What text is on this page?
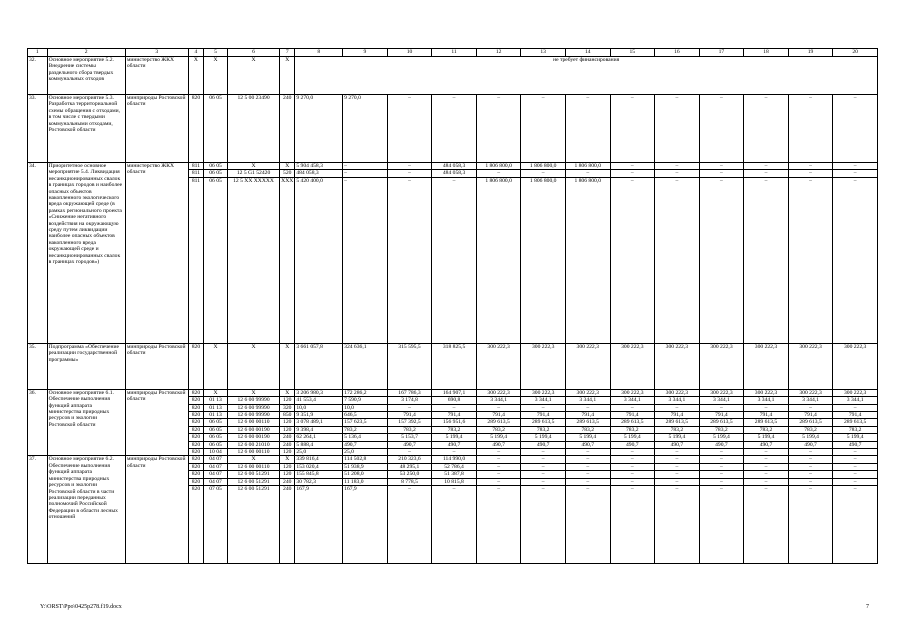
1	2	3	4	5	6	7	8	9	10	11	12	13	14	15	16	17	18	19	20
32.	Основное мероприятие 5.2. Внедрение системы раздельного сбора твердых коммунальных отходов	министерство ЖКХ области	Х	Х	Х	Х	не требует финансирования												
33.	Основное мероприятие 5.3. Разработка территориальной схемы обращения с отходами, в том числе с твердыми коммунальными отходами, Ростовской области	минприроды Ростовской области	820	06 05	12 5 00 23490	240	9 270,0	9 270,0	–	–	–	–	–	–	–	–	–	–	–
34.	Приоритетное основное мероприятие 5.4. Ликвидация несанкционированных свалок в границах городов и наиболее опасных объектов накопленного экологического вреда окружающей среде (в рамках регионального проекта «Снижение негативного воздействия на окружающую среду путем ликвидации наиболее опасных объектов накопленного вреда окружающей среде и несанкционированных свалок в границах городов»)	министерство ЖКХ области	811	06 05	Х	Х	5 904 458,3	–	–	484 058,3	1 806 800,0	1 806 800,0	1 806 800,0	–	–	–	–	–	–
			811	06 05	12 5 G1 52420	520	484 058,3	–	–	484 058,3	–	–	–	–	–	–	–	–	–
			811	06 05	12 5 ХХ ХХХХХ	ХХХ	5 420 400,0	–	–	–	1 806 800,0	1 806 800,0	1 806 800,0	–	–	–	–	–	–
35.	Подпрограмма «Обеспечение реализации государственной программы»	минприроды Ростовской области	820	Х	Х	Х	3 661 057,8	324 636,1	315 595,5	318 825,5	300 222,3	300 222,3	300 222,3	300 222,3	300 222,3	300 222,3	300 222,3	300 222,3	300 222,3
36.	Основное мероприятие 6.1. Обеспечение выполнения функций аппарата министерства природных ресурсов и экологии Ростовской области	минприроды Ростовской области	820	Х	Х	Х	3 206 980,3	172 286,2	167 786,3	164 907,1	300 222,3	300 222,3	300 222,3	300 222,3	300 222,3	300 222,3	300 222,3	300 222,3	300 222,3
			820	01 13	12 6 00 99990	120	41 553,4	7 590,9	3 174,8	690,8	3 344,1	3 344,1	3 344,1	3 344,1	3 344,1	3 344,1	3 344,1	3 344,1	3 344,1
			820	01 13	12 6 00 99990	320	10,0	10,0	–	–	–	–	–	–	–	–	–	–	–
			820	01 13	12 6 00 99990	850	9 351,9	646,5	791,4	791,4	791,4	791,4	791,4	791,4	791,4	791,4	791,4	791,4	791,4
			820	06 05	12 6 00 00110	120	3 078 489,1	157 623,5	157 392,5	156 951,6	289 613,5	289 613,5	289 613,5	289 613,5	289 613,5	289 613,5	289 613,5	289 613,5	289 613,5
			820	06 05	12 6 00 00190	120	9 398,4	783,2	783,2	783,2	783,2	783,2	783,2	783,2	783,2	783,2	783,2	783,2	783,2
			820	06 05	12 6 00 00190	240	62 264,1	5 136,4	5 153,7	5 199,4	5 199,4	5 199,4	5 199,4	5 199,4	5 199,4	5 199,4	5 199,4	5 199,4	5 199,4
			820	06 05	12 6 00 21010	240	5 888,4	490,7	490,7	490,7	490,7	490,7	490,7	490,7	490,7	490,7	490,7	490,7	490,7
			820	10 04	12 6 00 00110	120	25,0	25,0	–	–	–	–	–	–	–	–	–	–	–
37.	Основное мероприятие 6.2. Обеспечение выполнения функций аппарата министерства природных ресурсов и экологии Ростовской области в части реализации переданных полномочий Российской Федерации в области лесных отношений	минприроды Ростовской области	820	04 07	Х	Х	339 816,4	114 502,8	210 323,6	114 990,0	–	–	–	–	–	–	–	–	–
			820	04 07	12 6 00 00110	120	153 020,4	51 938,9	48 295,1	52 786,4	–	–	–	–	–	–	–	–	–
			820	04 07	12 6 00 51291	120	155 845,8	51 208,0	53 250,0	51 387,8	–	–	–	–	–	–	–	–	–
			820	04 07	12 6 00 51291	240	30 782,3	11 183,0	8 778,5	10 815,8	–	–	–	–	–	–	–	–	–
			820	07 05	12 6 00 51291	240	167,9	167,9	–	–	–	–	–	–	–	–	–	–	–
Y:\ORST\Ppo\0425p278.f19.docx	7
